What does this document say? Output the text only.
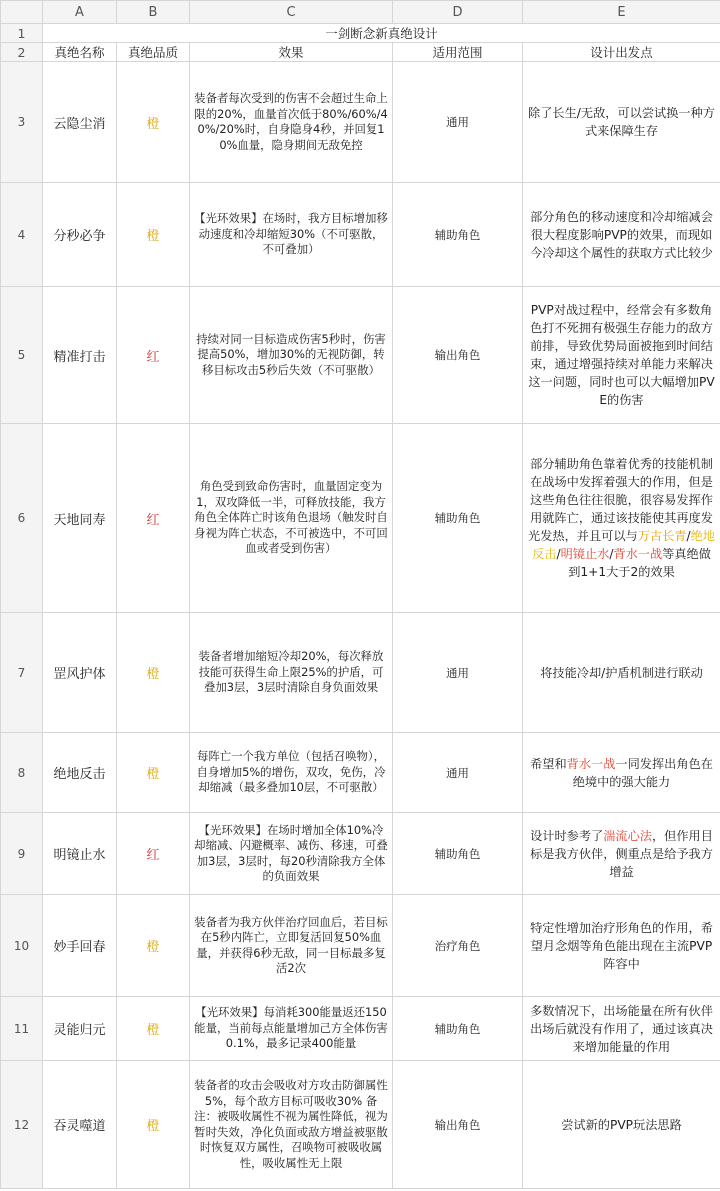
	A	B	C	D	E
1	一剑断念新真绝设计				
2	真绝名称	真绝品质	效果	适用范围	设计出发点
3	云隐尘消	橙	装备者每次受到的伤害不会超过生命上限的20%，血量首次低于80%/60%/40%/20%时，自身隐身4秒，并回复10%血量，隐身期间无敌免控	通用	除了长生/无敌，可以尝试换一种方式来保障生存
4	分秒必争	橙	【光环效果】在场时，我方目标增加移动速度和冷却缩短30%（不可驱散，不可叠加）	辅助角色	部分角色的移动速度和冷却缩减会很大程度影响PVP的效果，而现如今冷却这个属性的获取方式比较少
5	精准打击	红	持续对同一目标造成伤害5秒时，伤害提高50%，增加30%的无视防御，转移目标攻击5秒后失效（不可驱散）	输出角色	PVP对战过程中，经常会有多数角色打不死拥有极强生存能力的敌方前排，导致优势局面被拖到时间结束，通过增强持续对单能力来解决这一问题，同时也可以大幅增加PVE的伤害
6	天地同寿	红	角色受到致命伤害时，血量固定变为1，双攻降低一半，可释放技能，我方角色全体阵亡时该角色退场（触发时自身视为阵亡状态，不可被选中，不可回血或者受到伤害）	辅助角色	部分辅助角色靠着优秀的技能机制在战场中发挥着强大的作用，但是这些角色往往很脆，很容易发挥作用就阵亡，通过该技能使其再度发光发热，并且可以与万古长青/绝地反击/明镜止水/背水一战等真绝做到1+1大于2的效果
7	罡风护体	橙	装备者增加缩短冷却20%，每次释放技能可获得生命上限25%的护盾，可叠加3层，3层时清除自身负面效果	通用	将技能冷却/护盾机制进行联动
8	绝地反击	橙	每阵亡一个我方单位（包括召唤物），自身增加5%的增伤，双攻，免伤，冷却缩减（最多叠加10层，不可驱散）	通用	希望和背水一战一同发挥出角色在绝境中的强大能力
9	明镜止水	红	【光环效果】在场时增加全体10%冷却缩减、闪避概率、减伤、移速，可叠加3层，3层时，每20秒清除我方全体的负面效果	辅助角色	设计时参考了湍流心法，但作用目标是我方伙伴，侧重点是给予我方增益
10	妙手回春	橙	装备者为我方伙伴治疗回血后，若目标在5秒内阵亡，立即复活回复50%血量，并获得6秒无敌，同一目标最多复活2次	治疗角色	特定性增加治疗形角色的作用，希望月念烟等角色能出现在主流PVP阵容中
11	灵能归元	橙	【光环效果】每消耗300能量返还150能量，当前每点能量增加己方全体伤害0.1%，最多记录400能量	辅助角色	多数情况下，出场能量在所有伙伴出场后就没有作用了，通过该真决来增加能量的作用
12	吞灵噬道	橙	装备者的攻击会吸收对方攻击防御属性5%，每个敌方目标可吸收30% 备注：被吸收属性不视为属性降低，视为暂时失效，净化负面或敌方增益被驱散时恢复双方属性，召唤物可被吸收属性，吸收属性无上限	输出角色	尝试新的PVP玩法思路
